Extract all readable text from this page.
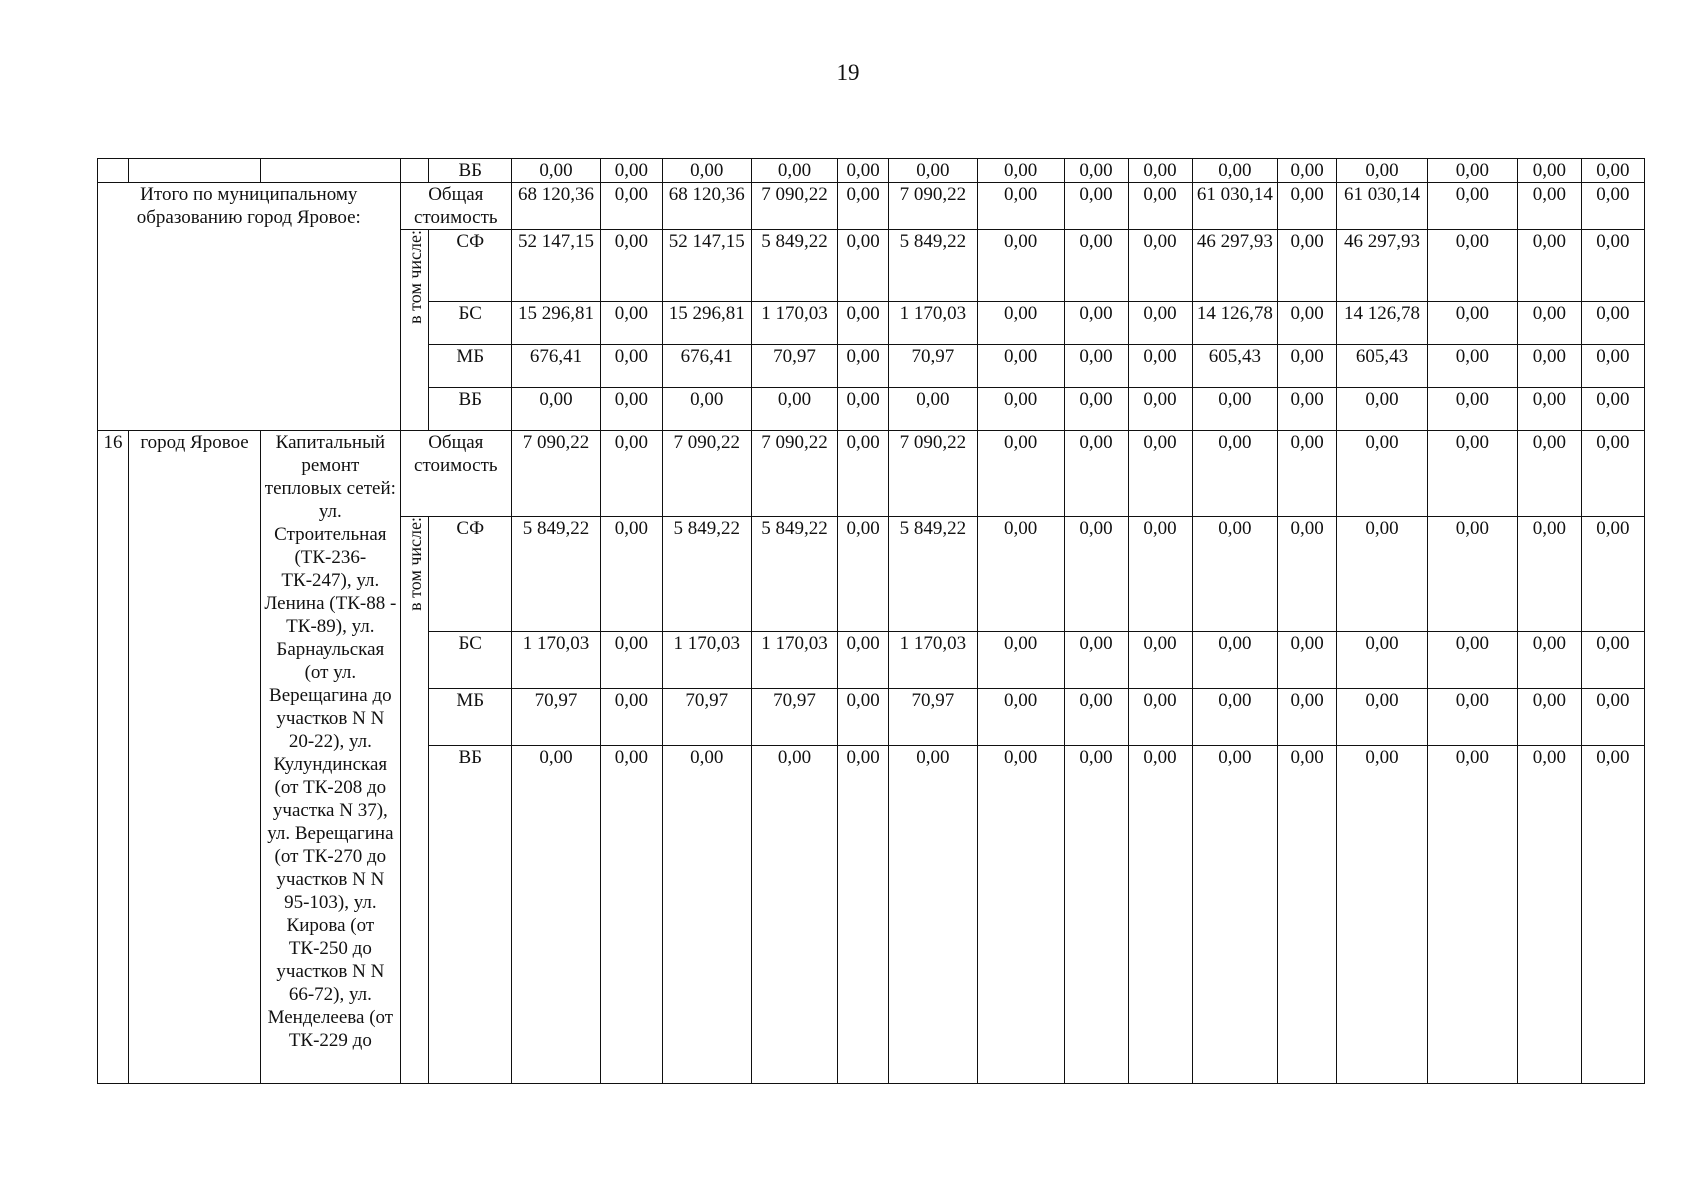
19
				ВБ	0,00	0,00	0,00	0,00	0,00	0,00	0,00	0,00	0,00	0,00	0,00	0,00	0,00	0,00	0,00
Итого по муниципальному образованию город Яровое:			Общая стоимость		68 120,36	0,00	68 120,36	7 090,22	0,00	7 090,22	0,00	0,00	0,00	61 030,14	0,00	61 030,14	0,00	0,00	0,00
			в том числе:	СФ	52 147,15	0,00	52 147,15	5 849,22	0,00	5 849,22	0,00	0,00	0,00	46 297,93	0,00	46 297,93	0,00	0,00	0,00
				БС	15 296,81	0,00	15 296,81	1 170,03	0,00	1 170,03	0,00	0,00	0,00	14 126,78	0,00	14 126,78	0,00	0,00	0,00
				МБ	676,41	0,00	676,41	70,97	0,00	70,97	0,00	0,00	0,00	605,43	0,00	605,43	0,00	0,00	0,00
				ВБ	0,00	0,00	0,00	0,00	0,00	0,00	0,00	0,00	0,00	0,00	0,00	0,00	0,00	0,00	0,00
16	город Яровое	Капитальный ремонт тепловых сетей: ул. Строительная (ТК-236-ТК-247), ул. Ленина (ТК-88 - ТК-89), ул. Барнаульская (от ул. Верещагина до участков N N 20-22), ул. Кулундинская (от ТК-208 до участка N 37), ул. Верещагина (от ТК-270 до участков N N 95-103), ул. Кирова (от ТК-250 до участков N N 66-72), ул. Менделеева (от ТК-229 до	Общая стоимость		7 090,22	0,00	7 090,22	7 090,22	0,00	7 090,22	0,00	0,00	0,00	0,00	0,00	0,00	0,00	0,00	0,00
			в том числе:	СФ	5 849,22	0,00	5 849,22	5 849,22	0,00	5 849,22	0,00	0,00	0,00	0,00	0,00	0,00	0,00	0,00	0,00
				БС	1 170,03	0,00	1 170,03	1 170,03	0,00	1 170,03	0,00	0,00	0,00	0,00	0,00	0,00	0,00	0,00	0,00
				МБ	70,97	0,00	70,97	70,97	0,00	70,97	0,00	0,00	0,00	0,00	0,00	0,00	0,00	0,00	0,00
				ВБ	0,00	0,00	0,00	0,00	0,00	0,00	0,00	0,00	0,00	0,00	0,00	0,00	0,00	0,00	0,00
